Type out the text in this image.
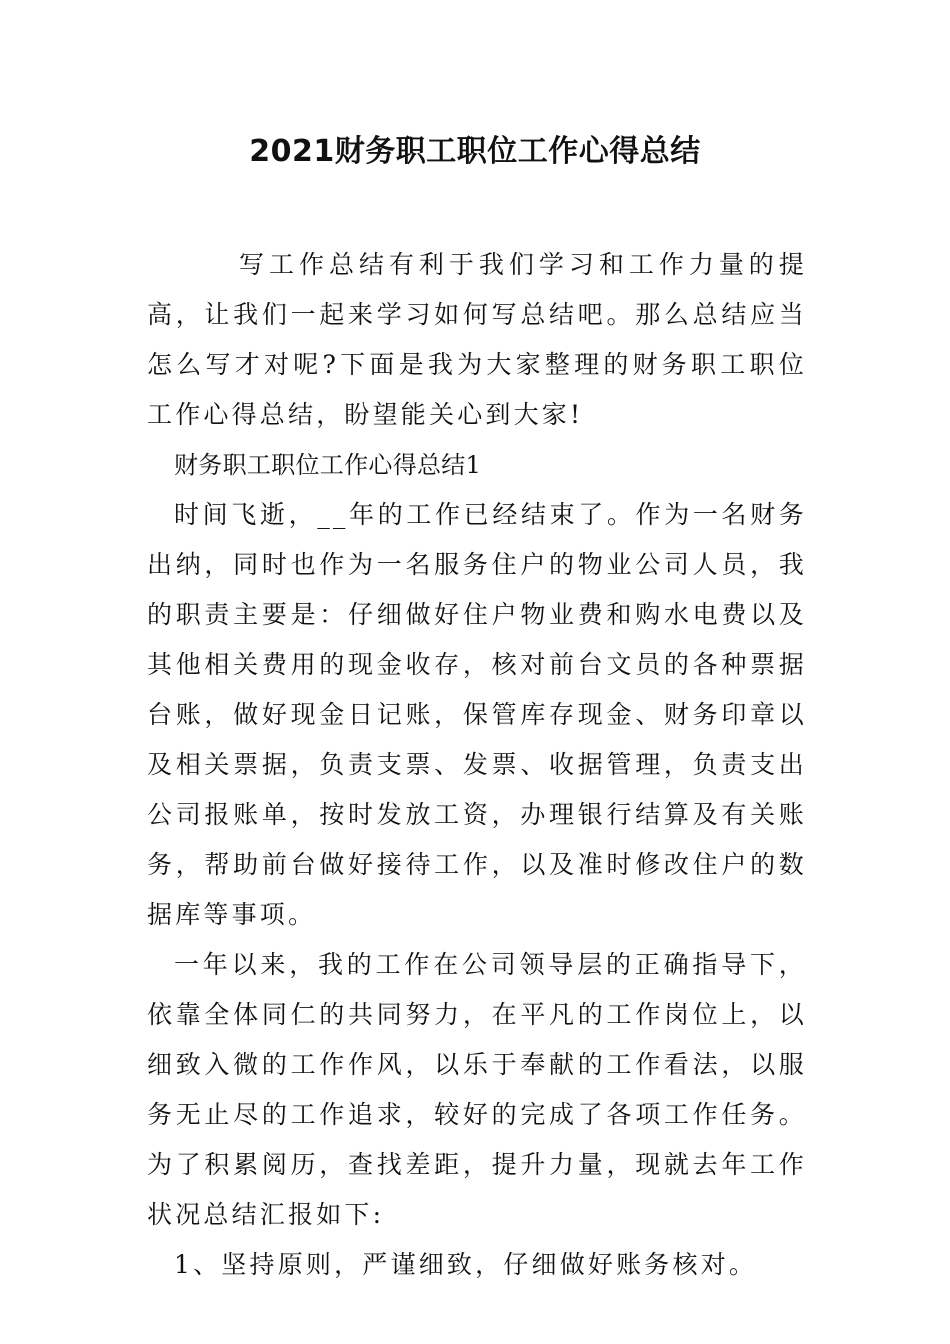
2021财务职工职位工作心得总结

写工作总结有利于我们学习和工作力量的提高，让我们一起来学习如何写总结吧。那么总结应当怎么写才对呢?下面是我为大家整理的财务职工职位工作心得总结，盼望能关心到大家!

财务职工职位工作心得总结1

时间飞逝，__年的工作已经结束了。作为一名财务出纳，同时也作为一名服务住户的物业公司人员，我的职责主要是：仔细做好住户物业费和购水电费以及其他相关费用的现金收存，核对前台文员的各种票据台账，做好现金日记账，保管库存现金、财务印章以及相关票据，负责支票、发票、收据管理，负责支出公司报账单，按时发放工资，办理银行结算及有关账务，帮助前台做好接待工作，以及准时修改住户的数据库等事项。

一年以来，我的工作在公司领导层的正确指导下，依靠全体同仁的共同努力，在平凡的工作岗位上，以细致入微的工作作风，以乐于奉献的工作看法，以服务无止尽的工作追求，较好的完成了各项工作任务。为了积累阅历，查找差距，提升力量，现就去年工作状况总结汇报如下:

1、坚持原则，严谨细致，仔细做好账务核对。
